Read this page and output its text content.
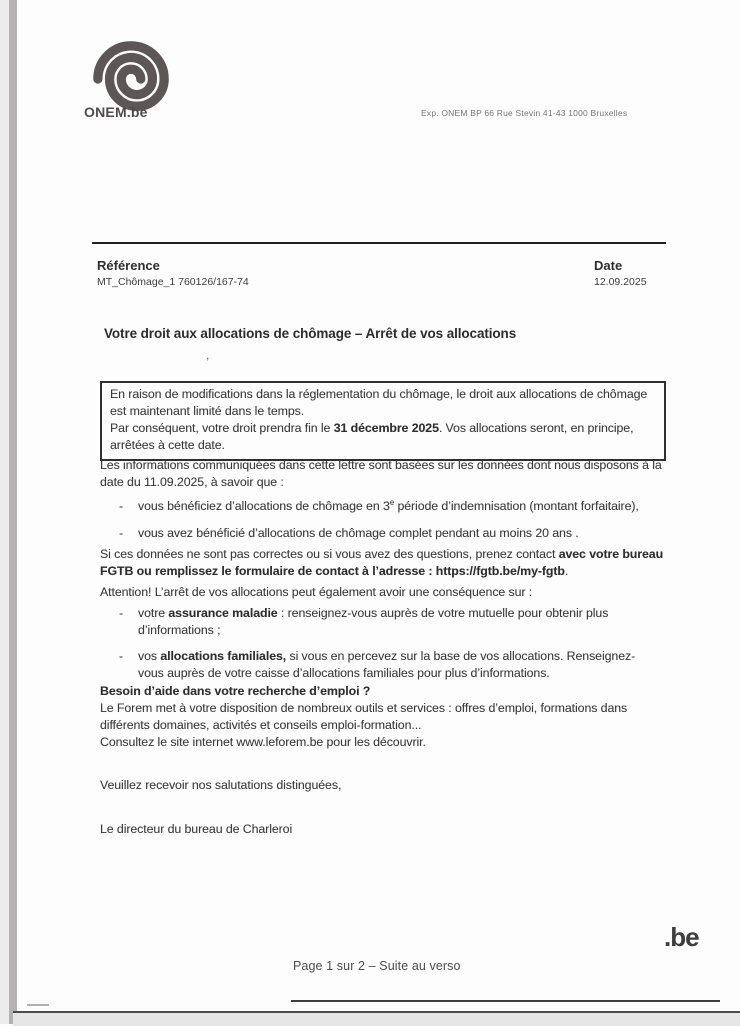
ONEM.be	Exp. ONEM BP 66 Rue Stevin 41-43 1000 Bruxelles
Référence
MT_Chômage_1 760126/167-74
Date
12.09.2025
Votre droit aux allocations de chômage – Arrêt de vos allocations
,
En raison de modifications dans la réglementation du chômage, le droit aux allocations de chômage est maintenant limité dans le temps.
Par conséquent, votre droit prendra fin le 31 décembre 2025. Vos allocations seront, en principe, arrêtées à cette date.
Les informations communiquées dans cette lettre sont basées sur les données dont nous disposons à la date du 11.09.2025, à savoir que :
-	vous bénéficiez d’allocations de chômage en 3e période d’indemnisation (montant forfaitaire),
-	vous avez bénéficié d’allocations de chômage complet pendant au moins 20 ans .
Si ces données ne sont pas correctes ou si vous avez des questions, prenez contact avec votre bureau FGTB ou remplissez le formulaire de contact à l’adresse : https://fgtb.be/my-fgtb.
Attention! L’arrêt de vos allocations peut également avoir une conséquence sur :
-	votre assurance maladie : renseignez-vous auprès de votre mutuelle pour obtenir plus d’informations ;
-	vos allocations familiales, si vous en percevez sur la base de vos allocations. Renseignez-vous auprès de votre caisse d’allocations familiales pour plus d’informations.
Besoin d’aide dans votre recherche d’emploi ?
Le Forem met à votre disposition de nombreux outils et services : offres d’emploi, formations dans différents domaines, activités et conseils emploi-formation...
Consultez le site internet www.leforem.be pour les découvrir.
Veuillez recevoir nos salutations distinguées,
Le directeur du bureau de Charleroi
.be
Page 1 sur 2 – Suite au verso
